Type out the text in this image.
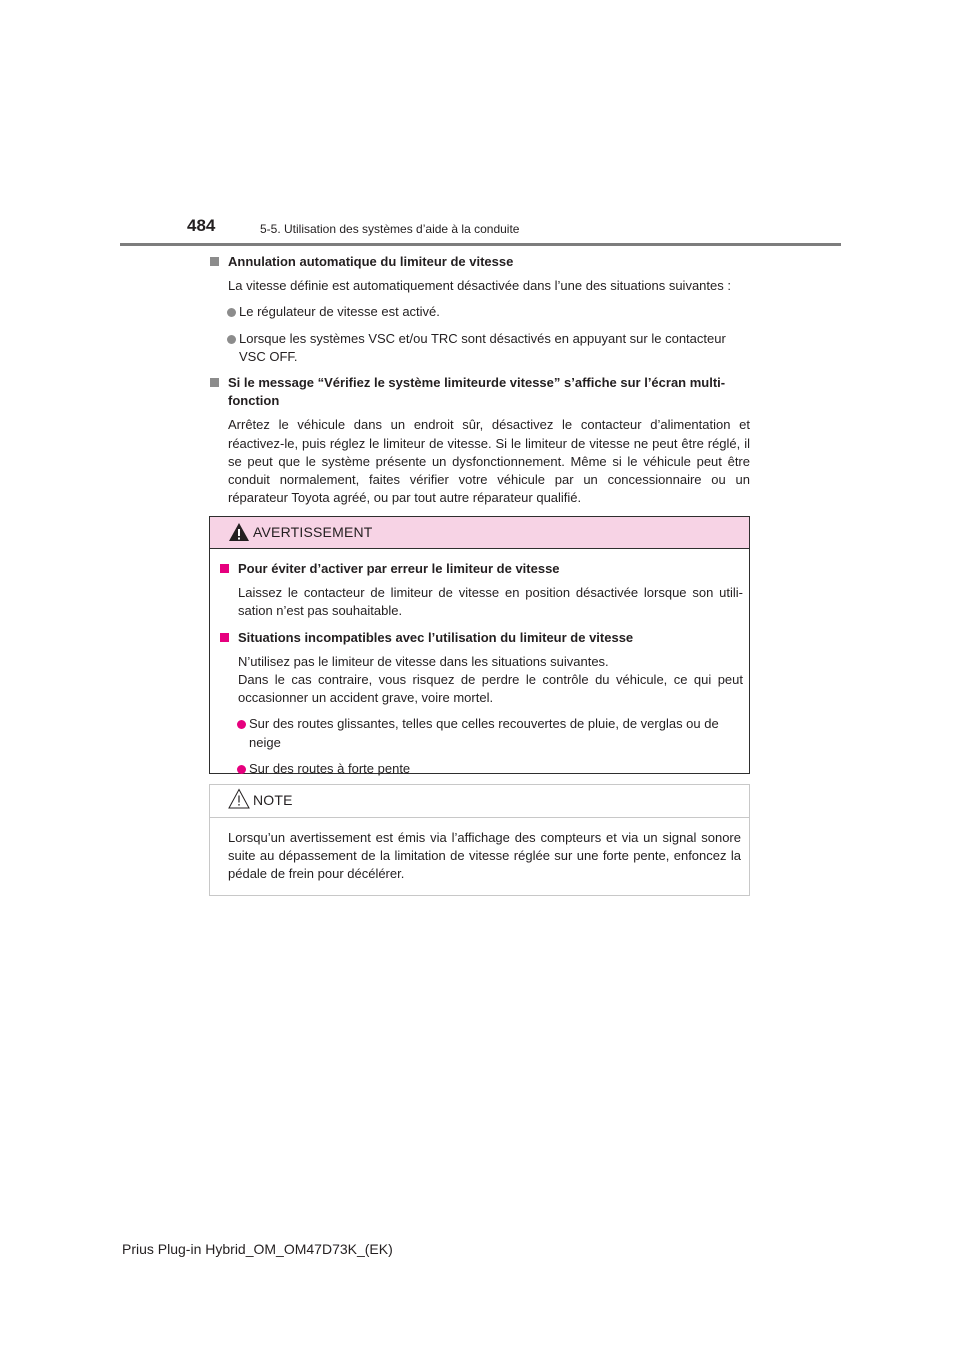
484	5-5. Utilisation des systèmes d’aide à la conduite
Annulation automatique du limiteur de vitesse
La vitesse définie est automatiquement désactivée dans l’une des situations suivantes :
Le régulateur de vitesse est activé.
Lorsque les systèmes VSC et/ou TRC sont désactivés en appuyant sur le contacteur VSC OFF.
Si le message “Vérifiez le système limiteurde vitesse” s’affiche sur l’écran multi-fonction
Arrêtez le véhicule dans un endroit sûr, désactivez le contacteur d’alimentation et réactivez-le, puis réglez le limiteur de vitesse. Si le limiteur de vitesse ne peut être réglé, il se peut que le système présente un dysfonctionnement. Même si le véhicule peut être conduit normalement, faites vérifier votre véhicule par un concessionnaire ou un réparateur Toyota agréé, ou par tout autre réparateur qualifié.
AVERTISSEMENT
Pour éviter d’activer par erreur le limiteur de vitesse
Laissez le contacteur de limiteur de vitesse en position désactivée lorsque son utili-sation n’est pas souhaitable.
Situations incompatibles avec l’utilisation du limiteur de vitesse
N’utilisez pas le limiteur de vitesse dans les situations suivantes.
Dans le cas contraire, vous risquez de perdre le contrôle du véhicule, ce qui peut occasionner un accident grave, voire mortel.
Sur des routes glissantes, telles que celles recouvertes de pluie, de verglas ou de neige
Sur des routes à forte pente
NOTE
Lorsqu’un avertissement est émis via l’affichage des compteurs et via un signal sonore suite au dépassement de la limitation de vitesse réglée sur une forte pente, enfoncez la pédale de frein pour décélérer.
Prius Plug-in Hybrid_OM_OM47D73K_(EK)
